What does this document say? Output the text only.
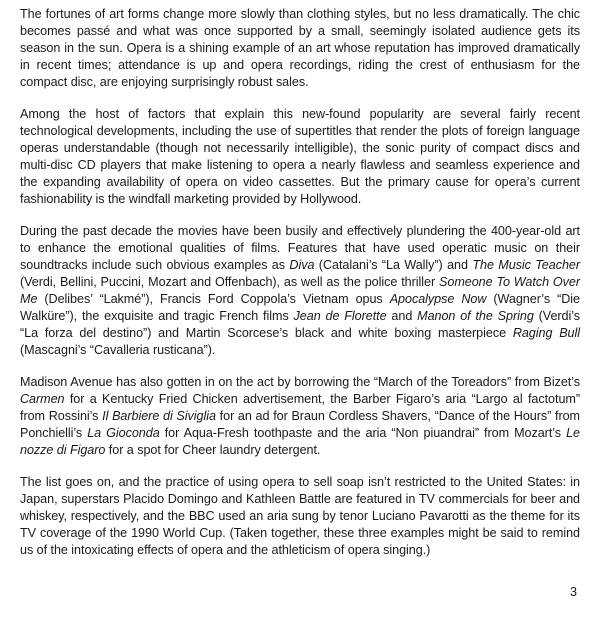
The fortunes of art forms change more slowly than clothing styles, but no less dramatically. The chic becomes passé and what was once supported by a small, seemingly isolated audience gets its season in the sun. Opera is a shining example of an art whose reputation has improved dramatically in recent times; attendance is up and opera recordings, riding the crest of enthusiasm for the compact disc, are enjoying surprisingly robust sales.

Among the host of factors that explain this new-found popularity are several fairly recent technological developments, including the use of supertitles that render the plots of foreign language operas understandable (though not necessarily intelligible), the sonic purity of compact discs and multi-disc CD players that make listening to opera a nearly flawless and seamless experience and the expanding availability of opera on video cassettes. But the primary cause for opera’s current fashionability is the windfall marketing provided by Hollywood.

During the past decade the movies have been busily and effectively plundering the 400-year-old art to enhance the emotional qualities of films. Features that have used operatic music on their soundtracks include such obvious examples as Diva (Catalani’s “La Wally”) and The Music Teacher (Verdi, Bellini, Puccini, Mozart and Offenbach), as well as the police thriller Someone To Watch Over Me (Delibes’ “Lakmé”), Francis Ford Coppola’s Vietnam opus Apocalypse Now (Wagner’s “Die Walküre”), the exquisite and tragic French films Jean de Florette and Manon of the Spring (Verdi’s “La forza del destino”) and Martin Scorcese’s black and white boxing masterpiece Raging Bull (Mascagni’s “Cavalleria rusticana”).

Madison Avenue has also gotten in on the act by borrowing the “March of the Toreadors” from Bizet’s Carmen for a Kentucky Fried Chicken advertisement, the Barber Figaro’s aria “Largo al factotum” from Rossini’s Il Barbiere di Siviglia for an ad for Braun Cordless Shavers, “Dance of the Hours” from Ponchielli’s La Gioconda for Aqua-Fresh toothpaste and the aria “Non piuandrai” from Mozart’s Le nozze di Figaro for a spot for Cheer laundry detergent.

The list goes on, and the practice of using opera to sell soap isn’t restricted to the United States: in Japan, superstars Placido Domingo and Kathleen Battle are featured in TV commercials for beer and whiskey, respectively, and the BBC used an aria sung by tenor Luciano Pavarotti as the theme for its TV coverage of the 1990 World Cup. (Taken together, these three examples might be said to remind us of the intoxicating effects of opera and the athleticism of opera singing.)

3
